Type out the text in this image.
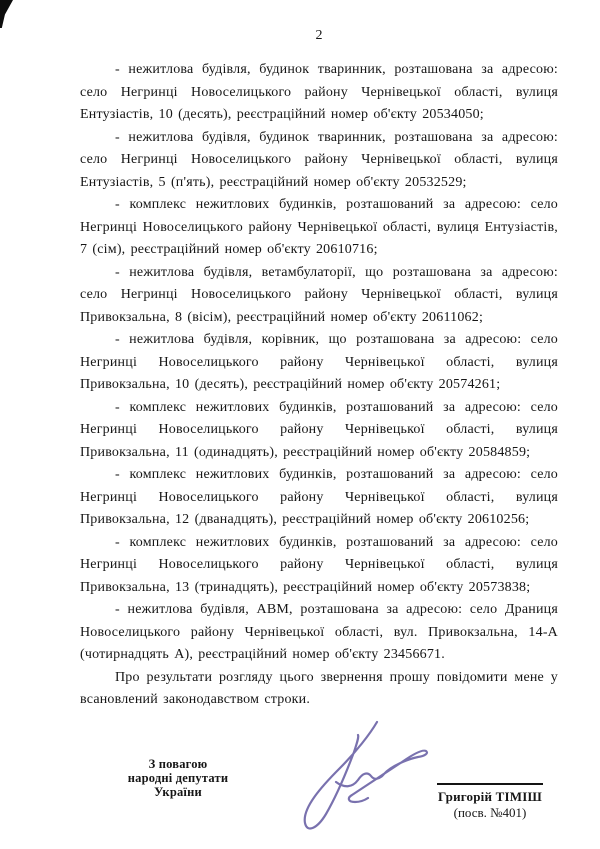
2

- нежитлова будівля, будинок тваринник, розташована за адресою: село Негринці Новоселицького району Чернівецької області, вулиця Ентузіастів, 10 (десять), реєстраційний номер об'єкту 20534050;

- нежитлова будівля, будинок тваринник, розташована за адресою: село Негринці Новоселицького району Чернівецької області, вулиця Ентузіастів, 5 (п'ять), реєстраційний номер об'єкту 20532529;

- комплекс нежитлових будинків, розташований за адресою: село Негринці Новоселицького району Чернівецької області, вулиця Ентузіастів, 7 (сім), реєстраційний номер об'єкту 20610716;

- нежитлова будівля, ветамбулаторії, що розташована за адресою: село Негринці Новоселицького району Чернівецької області, вулиця Привокзальна, 8 (вісім), реєстраційний номер об'єкту 20611062;

- нежитлова будівля, корівник, що розташована за адресою: село Негринці Новоселицького району Чернівецької області, вулиця Привокзальна, 10 (десять), реєстраційний номер об'єкту 20574261;

- комплекс нежитлових будинків, розташований за адресою: село Негринці Новоселицького району Чернівецької області, вулиця Привокзальна, 11 (одинадцять), реєстраційний номер об'єкту 20584859;

- комплекс нежитлових будинків, розташований за адресою: село Негринці Новоселицького району Чернівецької області, вулиця Привокзальна, 12 (дванадцять), реєстраційний номер об'єкту 20610256;

- комплекс нежитлових будинків, розташований за адресою: село Негринці Новоселицького району Чернівецької області, вулиця Привокзальна, 13 (тринадцять), реєстраційний номер об'єкту 20573838;

- нежитлова будівля, АВМ, розташована за адресою: село Драниця Новоселицького району Чернівецької області, вул. Привокзальна, 14-А (чотирнадцять А), реєстраційний номер об'єкту 23456671.

Про результати розгляду цього звернення прошу повідомити мене у всановлений законодавством строки.

З повагою
народні депутати України	Григорій ТІМІШ
(посв. №401)
